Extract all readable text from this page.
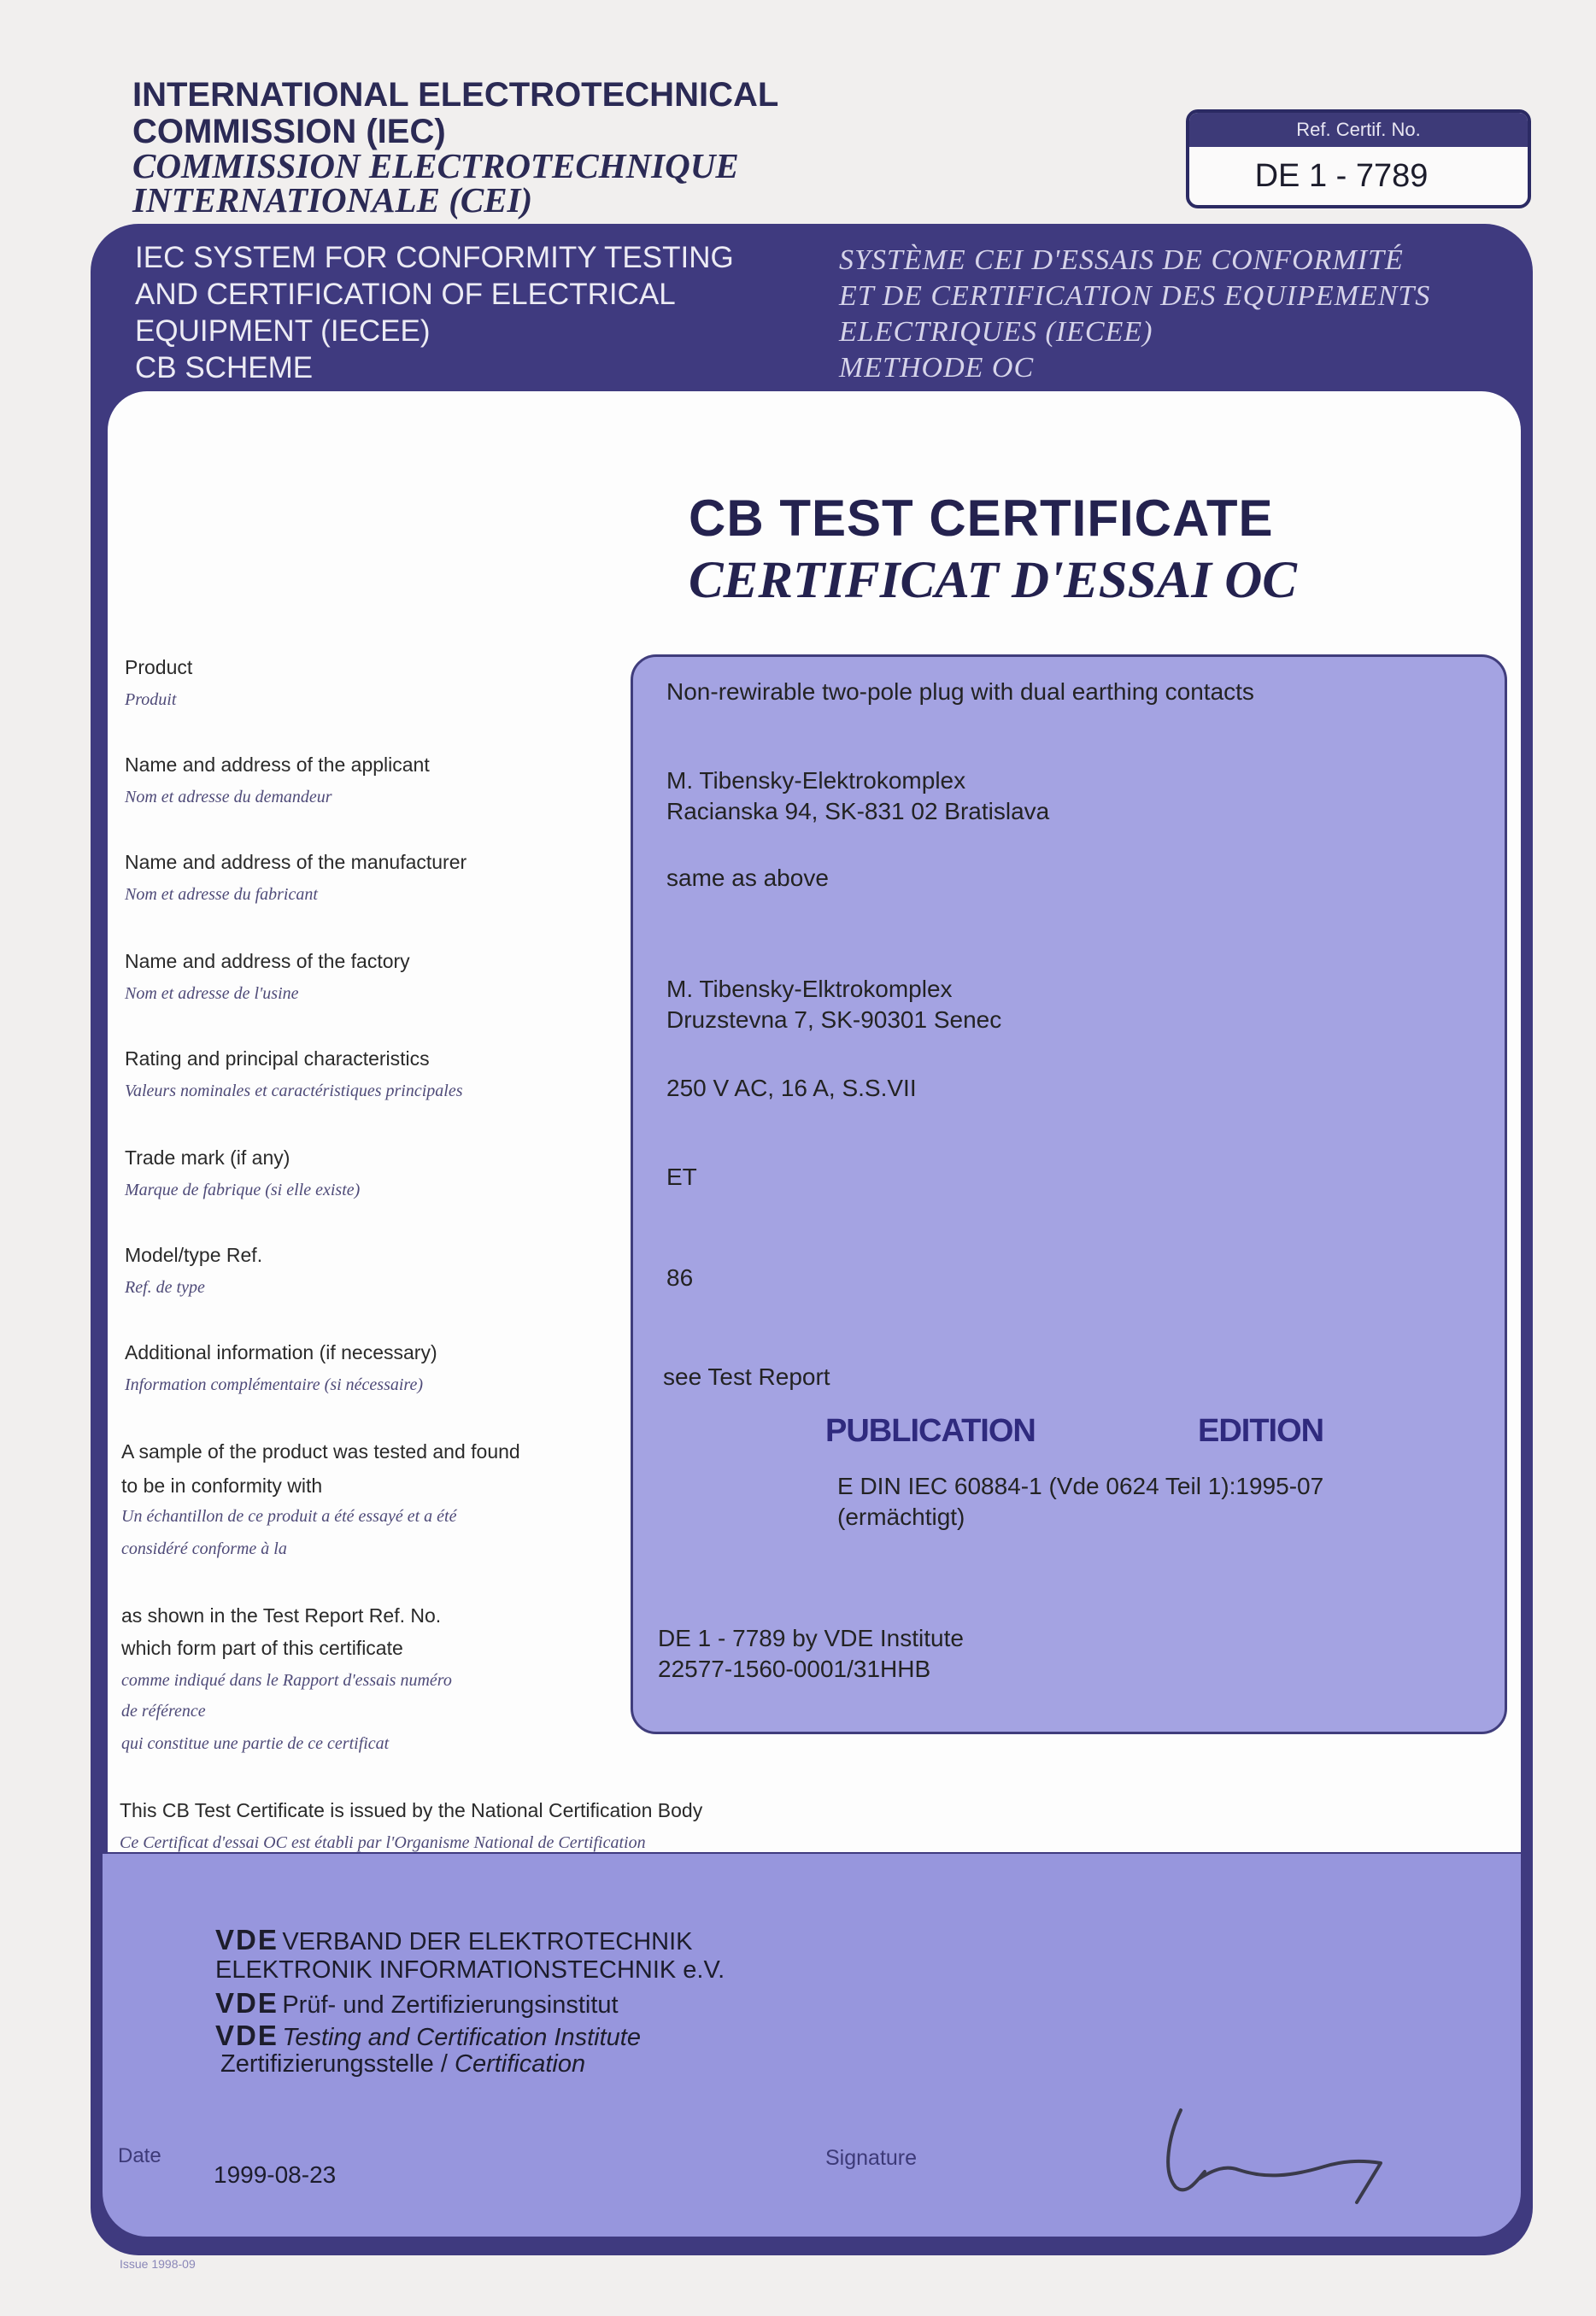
INTERNATIONAL ELECTROTECHNICAL
COMMISSION (IEC)
COMMISSION ELECTROTECHNIQUE
INTERNATIONALE (CEI)
Ref. Certif. No.
DE 1 - 7789
IEC SYSTEM FOR CONFORMITY TESTING
AND CERTIFICATION OF ELECTRICAL
EQUIPMENT (IECEE)
CB SCHEME
SYSTÈME CEI D'ESSAIS DE CONFORMITÉ
ET DE CERTIFICATION DES EQUIPEMENTS
ELECTRIQUES (IECEE)
METHODE OC
CB TEST CERTIFICATE
CERTIFICAT D'ESSAI OC
Product
Produit
Name and address of the applicant
Nom et adresse du demandeur
Name and address of the manufacturer
Nom et adresse du fabricant
Name and address of the factory
Nom et adresse de l'usine
Rating and principal characteristics
Valeurs nominales et caractéristiques principales
Trade mark (if any)
Marque de fabrique (si elle existe)
Model/type Ref.
Ref. de type
Additional information (if necessary)
Information complémentaire (si nécessaire)
A sample of the product was tested and found
to be in conformity with
Un échantillon de ce produit a été essayé et a été
considéré conforme à la
as shown in the Test Report Ref. No.
which form part of this certificate
comme indiqué dans le Rapport d'essais numéro
de référence
qui constitue une partie de ce certificat
Non-rewirable two-pole plug with dual earthing contacts
M. Tibensky-Elektrokomplex
Racianska 94, SK-831 02 Bratislava
same as above
M. Tibensky-Elktrokomplex
Druzstevna 7, SK-90301 Senec
250 V AC, 16 A, S.S.VII
ET
86
see Test Report
PUBLICATION	EDITION
E DIN IEC 60884-1 (Vde 0624 Teil 1):1995-07
(ermächtigt)
DE 1 - 7789 by VDE Institute
22577-1560-0001/31HHB
This CB Test Certificate is issued by the National Certification Body
Ce Certificat d'essai OC est établi par l'Organisme National de Certification
VDE VERBAND DER ELEKTROTECHNIK
ELEKTRONIK INFORMATIONSTECHNIK e.V.
VDE Prüf- und Zertifizierungsinstitut
VDE Testing and Certification Institute
Zertifizierungsstelle / Certification
Date
1999-08-23
Signature
Issue 1998-09
